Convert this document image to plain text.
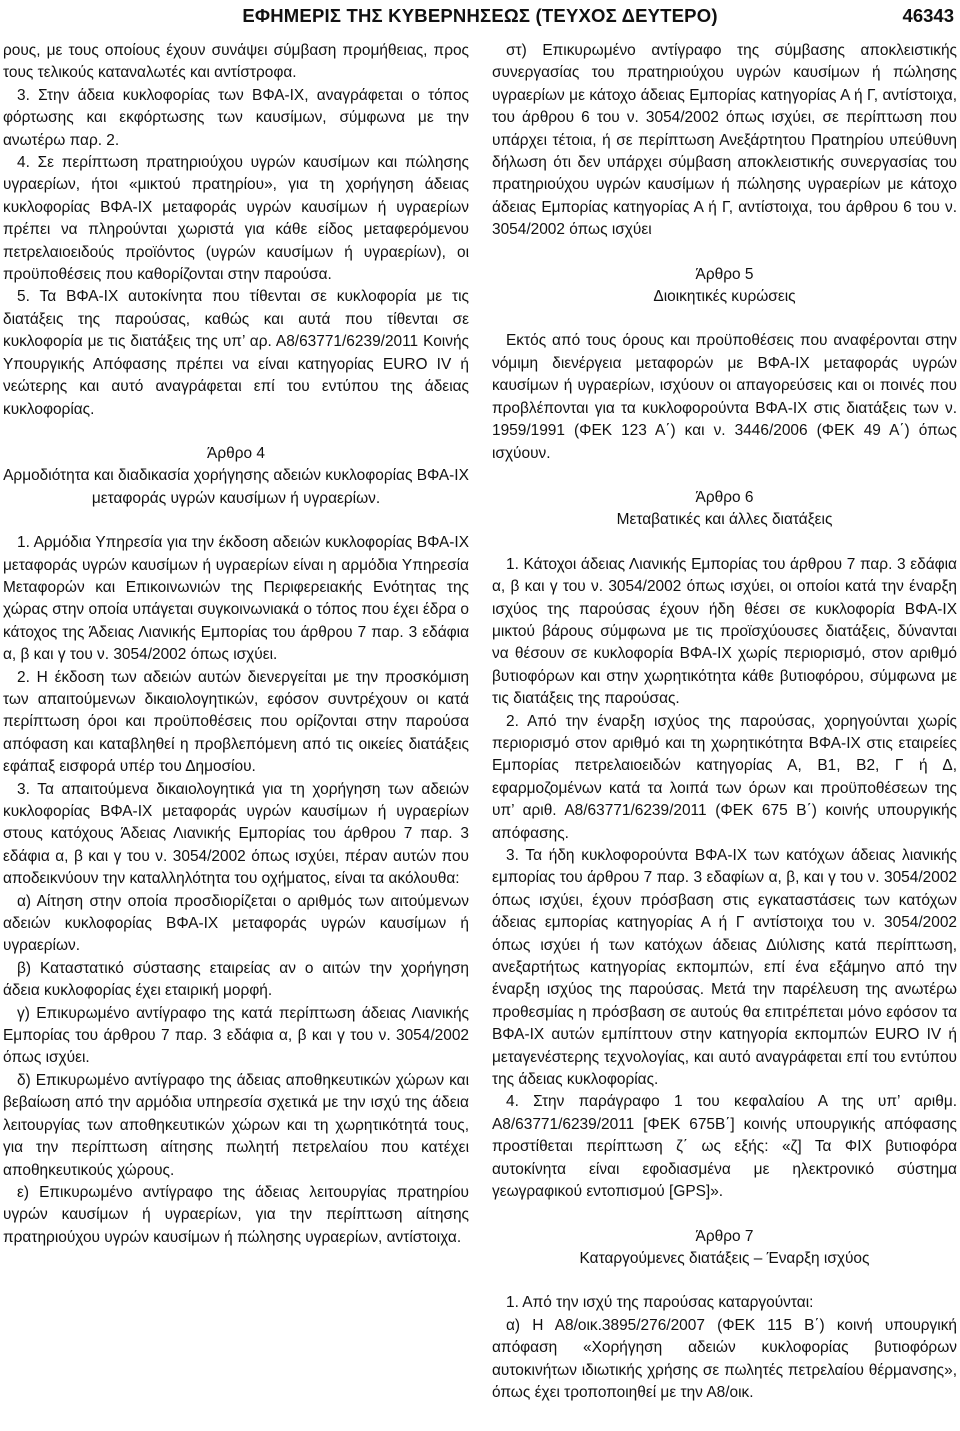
ΕΦΗΜΕΡΙΣ ΤΗΣ ΚΥΒΕΡΝΗΣΕΩΣ (ΤΕΥΧΟΣ ΔΕΥΤΕΡΟ)	46343

ρους, με τους οποίους έχουν συνάψει σύμβαση προμήθειας, προς τους τελικούς καταναλωτές και αντίστροφα.

3. Στην άδεια κυκλοφορίας των ΒΦΑ-ΙΧ, αναγράφεται ο τόπος φόρτωσης και εκφόρτωσης των καυσίμων, σύμφωνα με την ανωτέρω παρ. 2.

4. Σε περίπτωση πρατηριούχου υγρών καυσίμων και πώλησης υγραερίων, ήτοι «μικτού πρατηρίου», για τη χορήγηση άδειας κυκλοφορίας ΒΦΑ-ΙΧ μεταφοράς υγρών καυσίμων ή υγραερίων πρέπει να πληρούνται χωριστά για κάθε είδος μεταφερόμενου πετρελαιοειδούς προϊόντος (υγρών καυσίμων ή υγραερίων), οι προϋποθέσεις που καθορίζονται στην παρούσα.

5. Τα ΒΦΑ-ΙΧ αυτοκίνητα που τίθενται σε κυκλοφορία με τις διατάξεις της παρούσας, καθώς και αυτά που τίθενται σε κυκλοφορία με τις διατάξεις της υπ’ αρ. Α8/63771/6239/2011 Κοινής Υπουργικής Απόφασης πρέπει να είναι κατηγορίας EURO IV ή νεώτερης και αυτό αναγράφεται επί του εντύπου της άδειας κυκλοφορίας.

Άρθρο 4
Αρμοδιότητα και διαδικασία χορήγησης αδειών κυκλοφορίας ΒΦΑ-ΙΧ μεταφοράς υγρών καυσίμων ή υγραερίων.

1. Αρμόδια Υπηρεσία για την έκδοση αδειών κυκλοφορίας ΒΦΑ-ΙΧ μεταφοράς υγρών καυσίμων ή υγραερίων είναι η αρμόδια Υπηρεσία Μεταφορών και Επικοινωνιών της Περιφερειακής Ενότητας της χώρας στην οποία υπάγεται συγκοινωνιακά ο τόπος που έχει έδρα ο κάτοχος της Άδειας Λιανικής Εμπορίας του άρθρου 7 παρ. 3 εδάφια α, β και γ του ν. 3054/2002 όπως ισχύει.

2. Η έκδοση των αδειών αυτών διενεργείται με την προσκόμιση των απαιτούμενων δικαιολογητικών, εφόσον συντρέχουν οι κατά περίπτωση όροι και προϋποθέσεις που ορίζονται στην παρούσα απόφαση και καταβληθεί η προβλεπόμενη από τις οικείες διατάξεις εφάπαξ εισφορά υπέρ του Δημοσίου.

3. Τα απαιτούμενα δικαιολογητικά για τη χορήγηση των αδειών κυκλοφορίας ΒΦΑ-ΙΧ μεταφοράς υγρών καυσίμων ή υγραερίων στους κατόχους Άδειας Λιανικής Εμπορίας του άρθρου 7 παρ. 3 εδάφια α, β και γ του ν. 3054/2002 όπως ισχύει, πέραν αυτών που αποδεικνύουν την καταλληλότητα του οχήματος, είναι τα ακόλουθα:

α) Αίτηση στην οποία προσδιορίζεται ο αριθμός των αιτούμενων αδειών κυκλοφορίας ΒΦΑ-ΙΧ μεταφοράς υγρών καυσίμων ή υγραερίων.

β) Καταστατικό σύστασης εταιρείας αν ο αιτών την χορήγηση άδεια κυκλοφορίας έχει εταιρική μορφή.

γ) Επικυρωμένο αντίγραφο της κατά περίπτωση άδειας Λιανικής Εμπορίας του άρθρου 7 παρ. 3 εδάφια α, β και γ του ν. 3054/2002 όπως ισχύει.

δ) Επικυρωμένο αντίγραφο της άδειας αποθηκευτικών χώρων και βεβαίωση από την αρμόδια υπηρεσία σχετικά με την ισχύ της άδεια λειτουργίας των αποθηκευτικών χώρων και τη χωρητικότητά τους, για την περίπτωση αίτησης πωλητή πετρελαίου που κατέχει αποθηκευτικούς χώρους.

ε) Επικυρωμένο αντίγραφο της άδειας λειτουργίας πρατηρίου υγρών καυσίμων ή υγραερίων, για την περίπτωση αίτησης πρατηριούχου υγρών καυσίμων ή πώλησης υγραερίων, αντίστοιχα.

στ) Επικυρωμένο αντίγραφο της σύμβασης αποκλειστικής συνεργασίας του πρατηριούχου υγρών καυσίμων ή πώλησης υγραερίων με κάτοχο άδειας Εμπορίας κατηγορίας Α ή Γ, αντίστοιχα, του άρθρου 6 του ν. 3054/2002 όπως ισχύει, σε περίπτωση που υπάρχει τέτοια, ή σε περίπτωση Ανεξάρτητου Πρατηρίου υπεύθυνη δήλωση ότι δεν υπάρχει σύμβαση αποκλειστικής συνεργασίας του πρατηριούχου υγρών καυσίμων ή πώλησης υγραερίων με κάτοχο άδειας Εμπορίας κατηγορίας Α ή Γ, αντίστοιχα, του άρθρου 6 του ν. 3054/2002 όπως ισχύει

Άρθρο 5
Διοικητικές κυρώσεις

Εκτός από τους όρους και προϋποθέσεις που αναφέρονται στην νόμιμη διενέργεια μεταφορών με ΒΦΑ-ΙΧ μεταφοράς υγρών καυσίμων ή υγραερίων, ισχύουν οι απαγορεύσεις και οι ποινές που προβλέπονται για τα κυκλοφορούντα ΒΦΑ-ΙΧ στις διατάξεις των ν. 1959/1991 (ΦΕΚ 123 Α΄) και ν. 3446/2006 (ΦΕΚ 49 Α΄) όπως ισχύουν.

Άρθρο 6
Μεταβατικές και άλλες διατάξεις

1. Κάτοχοι άδειας Λιανικής Εμπορίας του άρθρου 7 παρ. 3 εδάφια α, β και γ του ν. 3054/2002 όπως ισχύει, οι οποίοι κατά την έναρξη ισχύος της παρούσας έχουν ήδη θέσει σε κυκλοφορία ΒΦΑ-ΙΧ μικτού βάρους σύμφωνα με τις προϊσχύουσες διατάξεις, δύνανται να θέσουν σε κυκλοφορία ΒΦΑ-ΙΧ χωρίς περιορισμό, στον αριθμό βυτιοφόρων και στην χωρητικότητα κάθε βυτιοφόρου, σύμφωνα με τις διατάξεις της παρούσας.

2. Από την έναρξη ισχύος της παρούσας, χορηγούνται χωρίς περιορισμό στον αριθμό και τη χωρητικότητα ΒΦΑ-ΙΧ στις εταιρείες Εμπορίας πετρελαιοειδών κατηγορίας Α, Β1, Β2, Γ ή Δ, εφαρμοζομένων κατά τα λοιπά των όρων και προϋποθέσεων της υπ’ αριθ. Α8/63771/6239/2011 (ΦΕΚ 675 Β΄) κοινής υπουργικής απόφασης.

3. Τα ήδη κυκλοφορούντα ΒΦΑ-ΙΧ των κατόχων άδειας λιανικής εμπορίας του άρθρου 7 παρ. 3 εδαφίων α, β, και γ του ν. 3054/2002 όπως ισχύει, έχουν πρόσβαση στις εγκαταστάσεις των κατόχων άδειας εμπορίας κατηγορίας Α ή Γ αντίστοιχα του ν. 3054/2002 όπως ισχύει ή των κατόχων άδειας Διύλισης κατά περίπτωση, ανεξαρτήτως κατηγορίας εκπομπών, επί ένα εξάμηνο από την έναρξη ισχύος της παρούσας. Μετά την παρέλευση της ανωτέρω προθεσμίας η πρόσβαση σε αυτούς θα επιτρέπεται μόνο εφόσον τα ΒΦΑ-ΙΧ αυτών εμπίπτουν στην κατηγορία εκπομπών EURO IV ή μεταγενέστερης τεχνολογίας, και αυτό αναγράφεται επί του εντύπου της άδειας κυκλοφορίας.

4. Στην παράγραφο 1 του κεφαλαίου Α της υπ’ αριθμ. Α8/63771/6239/2011 [ΦΕΚ 675Β΄] κοινής υπουργικής απόφασης προστίθεται περίπτωση ζ΄ ως εξής: «ζ] Τα ΦΙΧ βυτιοφόρα αυτοκίνητα είναι εφοδιασμένα με ηλεκτρονικό σύστημα γεωγραφικού εντοπισμού [GPS]».

Άρθρο 7
Καταργούμενες διατάξεις – Έναρξη ισχύος

1. Από την ισχύ της παρούσας καταργούνται:

α) Η Α8/οικ.3895/276/2007 (ΦΕΚ 115 Β΄) κοινή υπουργική απόφαση «Χορήγηση αδειών κυκλοφορίας βυτιοφόρων αυτοκινήτων ιδιωτικής χρήσης σε πωλητές πετρελαίου θέρμανσης», όπως έχει τροποποιηθεί με την Α8/οικ.
